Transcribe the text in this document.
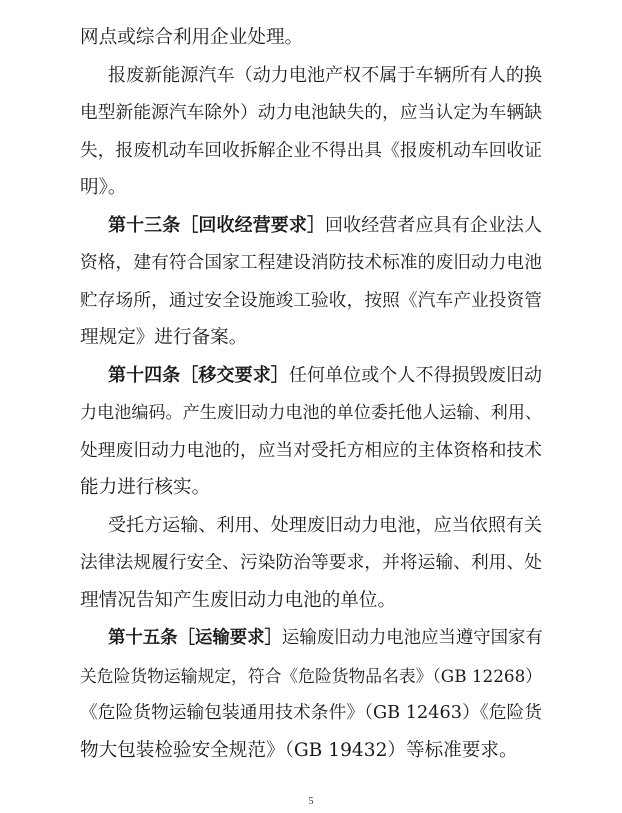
网点或综合利用企业处理。
报废新能源汽车（动力电池产权不属于车辆所有人的换
电型新能源汽车除外）动力电池缺失的，应当认定为车辆缺
失，报废机动车回收拆解企业不得出具《报废机动车回收证
明》。
第十三条［回收经营要求］回收经营者应具有企业法人
资格，建有符合国家工程建设消防技术标准的废旧动力电池
贮存场所，通过安全设施竣工验收，按照《汽车产业投资管
理规定》进行备案。
第十四条［移交要求］任何单位或个人不得损毁废旧动
力电池编码。产生废旧动力电池的单位委托他人运输、利用、
处理废旧动力电池的，应当对受托方相应的主体资格和技术
能力进行核实。
受托方运输、利用、处理废旧动力电池，应当依照有关
法律法规履行安全、污染防治等要求，并将运输、利用、处
理情况告知产生废旧动力电池的单位。
第十五条［运输要求］运输废旧动力电池应当遵守国家有
关危险货物运输规定，符合《危险货物品名表》（GB 12268）
《危险货物运输包装通用技术条件》（GB 12463）《危险货
物大包装检验安全规范》（GB 19432）等标准要求。
5
